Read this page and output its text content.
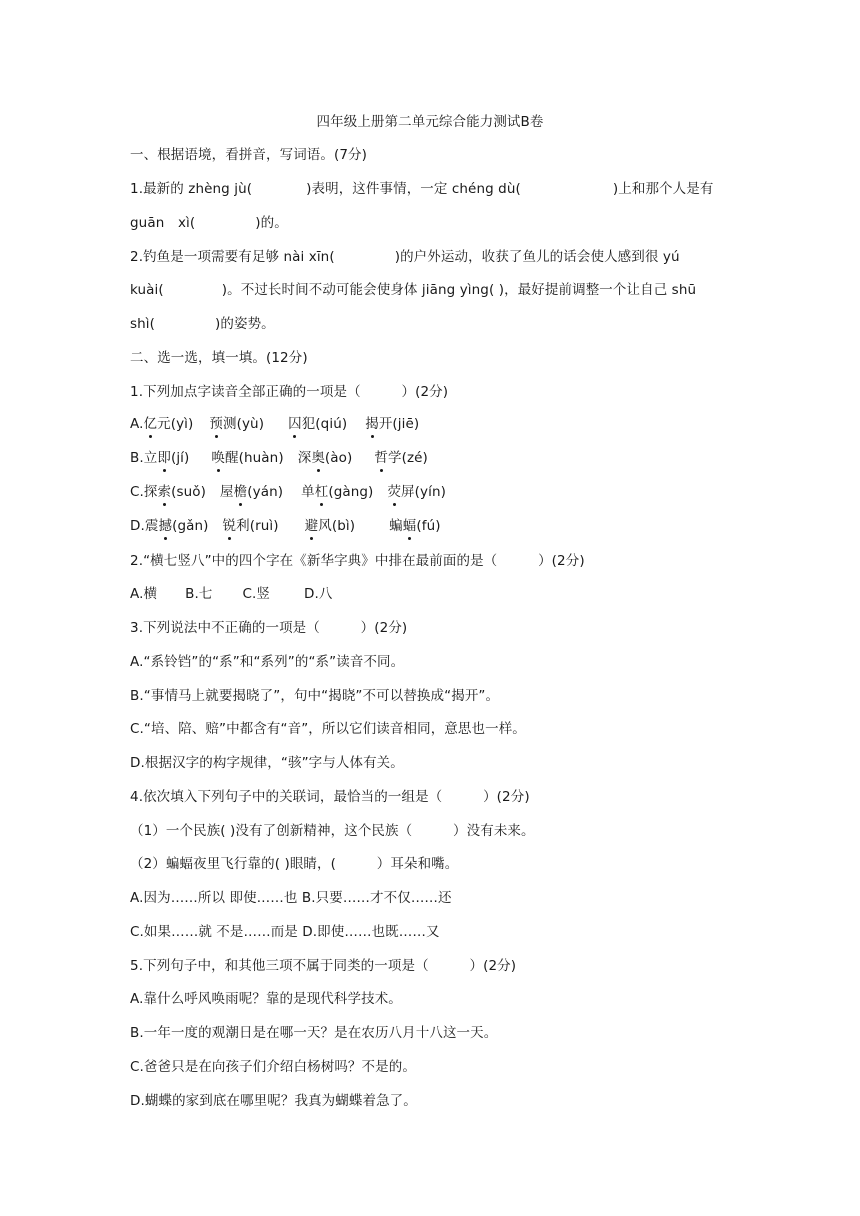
四年级上册第二单元综合能力测试B卷
一、根据语境，看拼音，写词语。(7分)
1.最新的 zhèng jù(	)表明，这件事情，一定 chéng dù(	)上和那个人是有
guān　xì(	)的。
2.钓鱼是一项需要有足够 nài xīn(	)的户外运动，收获了鱼儿的话会使人感到很 yú
kuài(	)。不过长时间不动可能会使身体 jiāng yìng( )，最好提前调整一个让自己 shū
shì(	)的姿势。
二、选一选，填一填。(12分)
1.下列加点字读音全部正确的一项是（　　　）(2分)
A.亿元(yì) 预测(yù) 囚犯(qiú) 揭开(jiē)
B.立即(jí) 唤醒(huàn) 深奥(ào) 哲学(zé)
C.探索(suǒ) 屋檐(yán) 单杠(gàng) 荧屏(yín)
D.震撼(gǎn) 锐利(ruì) 避风(bì)	蝙蝠(fú)
2.“横七竖八”中的四个字在《新华字典》中排在最前面的是（　　　）(2分)
A.横 B.七 C.竖	D.八
3.下列说法中不正确的一项是（　　　）(2分)
A.“系铃铛”的“系”和“系列”的“系”读音不同。
B.“事情马上就要揭晓了”，句中“揭晓”不可以替换成“揭开”。
C.“培、陪、赔”中都含有“音”，所以它们读音相同，意思也一样。
D.根据汉字的构字规律，“骇”字与人体有关。
4.依次填入下列句子中的关联词，最恰当的一组是（　　　）(2分)
（1）一个民族( )没有了创新精神，这个民族（　　　）没有未来。
（2）蝙蝠夜里飞行靠的( )眼睛，(　　　）耳朵和嘴。
A.因为……所以 即使……也 B.只要……才不仅……还
C.如果……就 不是……而是 D.即使……也既……又
5.下列句子中，和其他三项不属于同类的一项是（　　　）(2分)
A.靠什么呼风唤雨呢？靠的是现代科学技术。
B.一年一度的观潮日是在哪一天？是在农历八月十八这一天。
C.爸爸只是在向孩子们介绍白杨树吗？不是的。
D.蝴蝶的家到底在哪里呢？我真为蝴蝶着急了。
